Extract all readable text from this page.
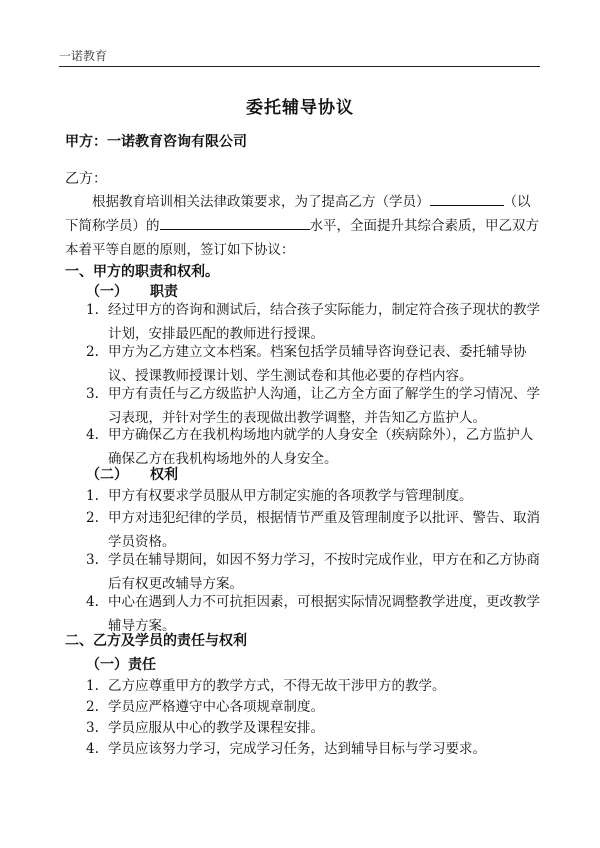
一诺教育
委托辅导协议
甲方：一诺教育咨询有限公司
乙方：

根据教育培训相关法律政策要求，为了提高乙方（学员）	（以下简称学员）的	水平，全面提升其综合素质，甲乙双方本着平等自愿的原则，签订如下协议：

一、甲方的职责和权利。
（一） 职责
1. 经过甲方的咨询和测试后，结合孩子实际能力，制定符合孩子现状的教学计划，安排最匹配的教师进行授课。
2. 甲方为乙方建立文本档案。档案包括学员辅导咨询登记表、委托辅导协议、授课教师授课计划、学生测试卷和其他必要的存档内容。
3. 甲方有责任与乙方级监护人沟通，让乙方全方面了解学生的学习情况、学习表现，并针对学生的表现做出教学调整，并告知乙方监护人。
4. 甲方确保乙方在我机构场地内就学的人身安全（疾病除外），乙方监护人确保乙方在我机构场地外的人身安全。
（二） 权利
1. 甲方有权要求学员服从甲方制定实施的各项教学与管理制度。
2. 甲方对违犯纪律的学员，根据情节严重及管理制度予以批评、警告、取消学员资格。
3. 学员在辅导期间，如因不努力学习，不按时完成作业，甲方在和乙方协商后有权更改辅导方案。
4. 中心在遇到人力不可抗拒因素，可根据实际情况调整教学进度，更改教学辅导方案。
二、乙方及学员的责任与权利
（一）责任
1. 乙方应尊重甲方的教学方式，不得无故干涉甲方的教学。
2. 学员应严格遵守中心各项规章制度。
3. 学员应服从中心的教学及课程安排。
4. 学员应该努力学习，完成学习任务，达到辅导目标与学习要求。
